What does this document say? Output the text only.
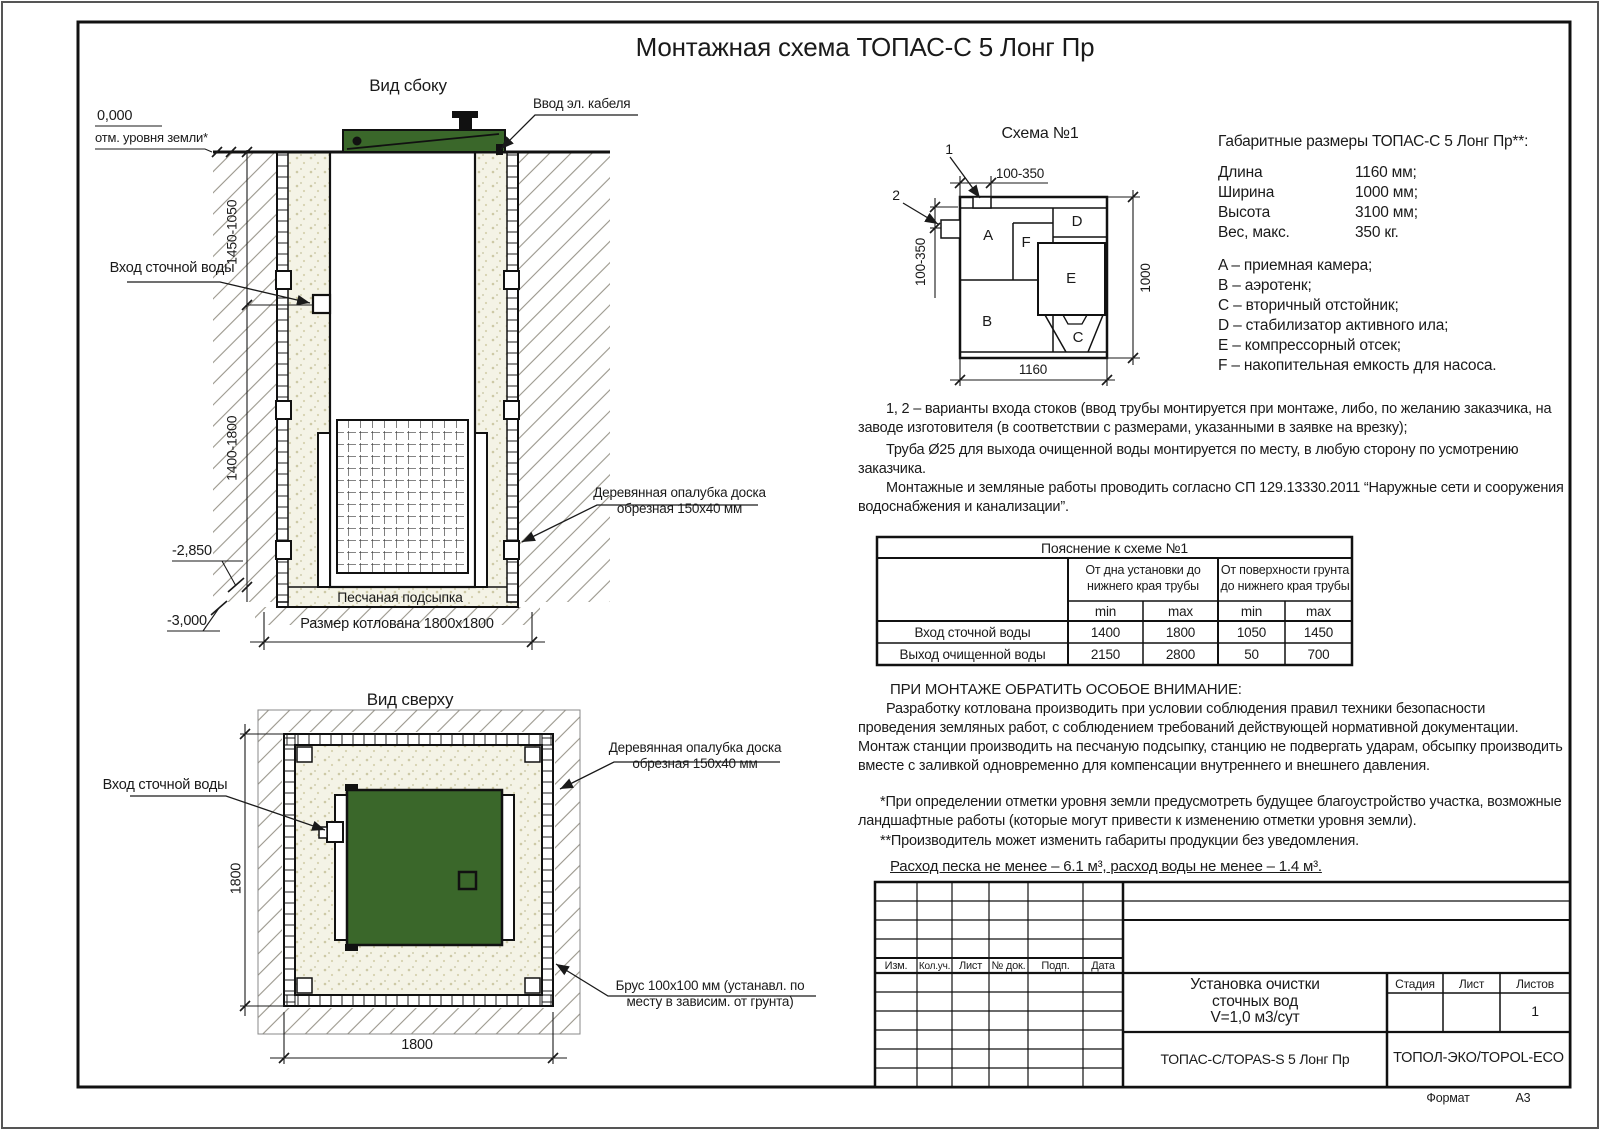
Монтажная схема ТОПАС-С 5 Лонг Пр
Вид сбоку
0,000
отм. уровня земли*
1450-1050
1400-1800
Вход сточной воды
-2,850
-3,000
Песчаная подсыпка
Размер котлована 1800x1800
Ввод эл. кабеля
Деревянная опалубка доска обрезная 150x40 мм
Вид сверху
Вход сточной воды
1800
1800
Деревянная опалубка доска обрезная 150x40 мм
Брус 100x100 мм (устанавл. по месту в зависим. от грунта)
Схема №1
1
2
100-350
100-350	1000
1160
A
B
C
D
E
F
Габаритные размеры ТОПАС-С 5 Лонг Пр**:
Длина	1160 мм;
Ширина	1000 мм;
Высота	3100 мм;
Вес, макс.	350 кг.
A – приемная камера;
B – аэротенк;
C – вторичный отстойник;
D – стабилизатор активного ила;
E – компрессорный отсек;
F – накопительная емкость для насоса.
1, 2 – варианты входа стоков (ввод трубы монтируется при монтаже, либо, по желанию заказчика, на заводе изготовителя (в соответствии с размерами, указанными в заявке на врезку);
Труба Ø25 для выхода очищенной воды монтируется по месту, в любую сторону по усмотрению заказчика.
Монтажные и земляные работы проводить согласно СП 129.13330.2011 “Наружные сети и сооружения водоснабжения и канализации”.
Пояснение к схеме №1
От дна установки до нижнего края трубы
От поверхности грунта до нижнего края трубы
min	max	min	max
Вход сточной воды	1400	1800	1050	1450
Выход очищенной воды	2150	2800	50	700
ПРИ МОНТАЖЕ ОБРАТИТЬ ОСОБОЕ ВНИМАНИЕ:
Разработку котлована производить при условии соблюдения правил техники безопасности проведения земляных работ, с соблюдением требований действующей нормативной документации. Монтаж станции производить на песчаную подсыпку, станцию не подвергать ударам, обсыпку производить вместе с заливкой одновременно для компенсации внутреннего и внешнего давления.
*При определении отметки уровня земли предусмотреть будущее благоустройство участка, возможные ландшафтные работы (которые могут привести к изменению отметки уровня земли).
**Производитель может изменить габариты продукции без уведомления.
Расход песка не менее – 6.1 м³, расход воды не менее – 1.4 м³.
Изм.	Кол.уч. Лист № док.	Подп.	Дата
Установка очистки
сточных вод
V=1,0 м3/сут
Стадия	Лист	Листов
1
ТОПАС-С/TOPAS-S 5 Лонг Пр	ТОПОЛ-ЭКО/TOPOL-ECO
Формат	А3
